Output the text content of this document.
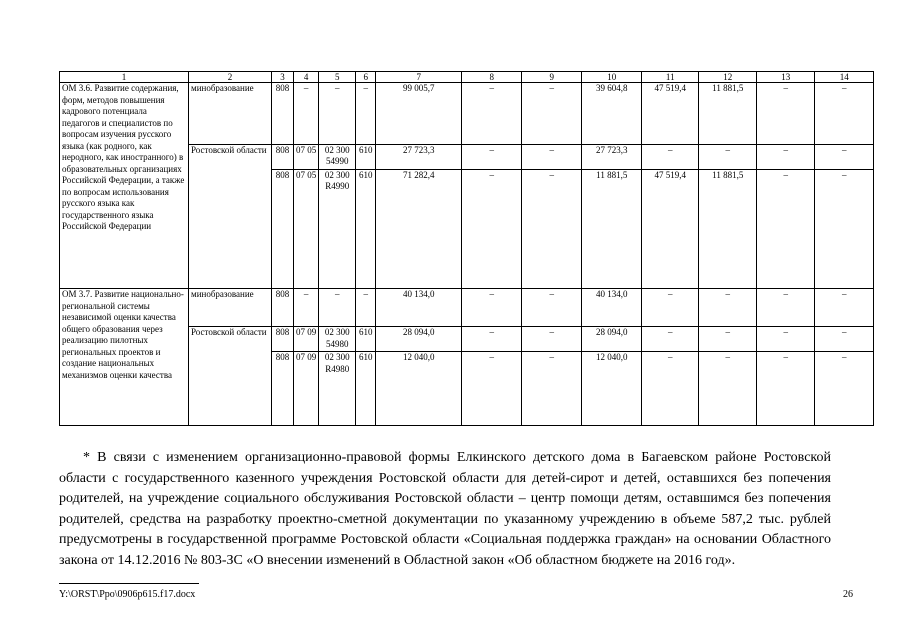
1	2	3	4	5	6	7	8	9	10	11	12	13	14
ОМ 3.6. Развитие содержания, форм, методов повышения кадрового потенциала педагогов и специалистов по вопросам изучения русского языка (как родного, как неродного, как иностранного) в образовательных организациях Российской Федерации, а также по вопросам использования русского языка как государственного языка Российской Федерации	минобразование	808	–	–	–	99 005,7	–	–	39 604,8	47 519,4	11 881,5	–	–
	Ростовской области	808	07 05	02 300 54990	610	27 723,3	–	–	27 723,3	–	–	–	–
		808	07 05	02 300 R4990	610	71 282,4	–	–	11 881,5	47 519,4	11 881,5	–	–
ОМ 3.7. Развитие национально-региональной системы независимой оценки качества общего образования через реализацию пилотных региональных проектов и создание национальных механизмов оценки качества	минобразование	808	–	–	–	40 134,0	–	–	40 134,0	–	–	–	–
	Ростовской области	808	07 09	02 300 54980	610	28 094,0	–	–	28 094,0	–	–	–	–
		808	07 09	02 300 R4980	610	12 040,0	–	–	12 040,0	–	–	–	–
* В связи с изменением организационно-правовой формы Елкинского детского дома в Багаевском районе Ростовской области с государственного казенного учреждения Ростовской области для детей-сирот и детей, оставшихся без попечения родителей, на учреждение социального обслуживания Ростовской области – центр помощи детям, оставшимся без попечения родителей, средства на разработку проектно-сметной документации по указанному учреждению в объеме 587,2 тыс. рублей предусмотрены в государственной программе Ростовской области «Социальная поддержка граждан» на основании Областного закона от 14.12.2016 № 803-ЗС «О внесении изменений в Областной закон «Об областном бюджете на 2016 год».
Y:\ORST\Ppo\0906p615.f17.docx	26
